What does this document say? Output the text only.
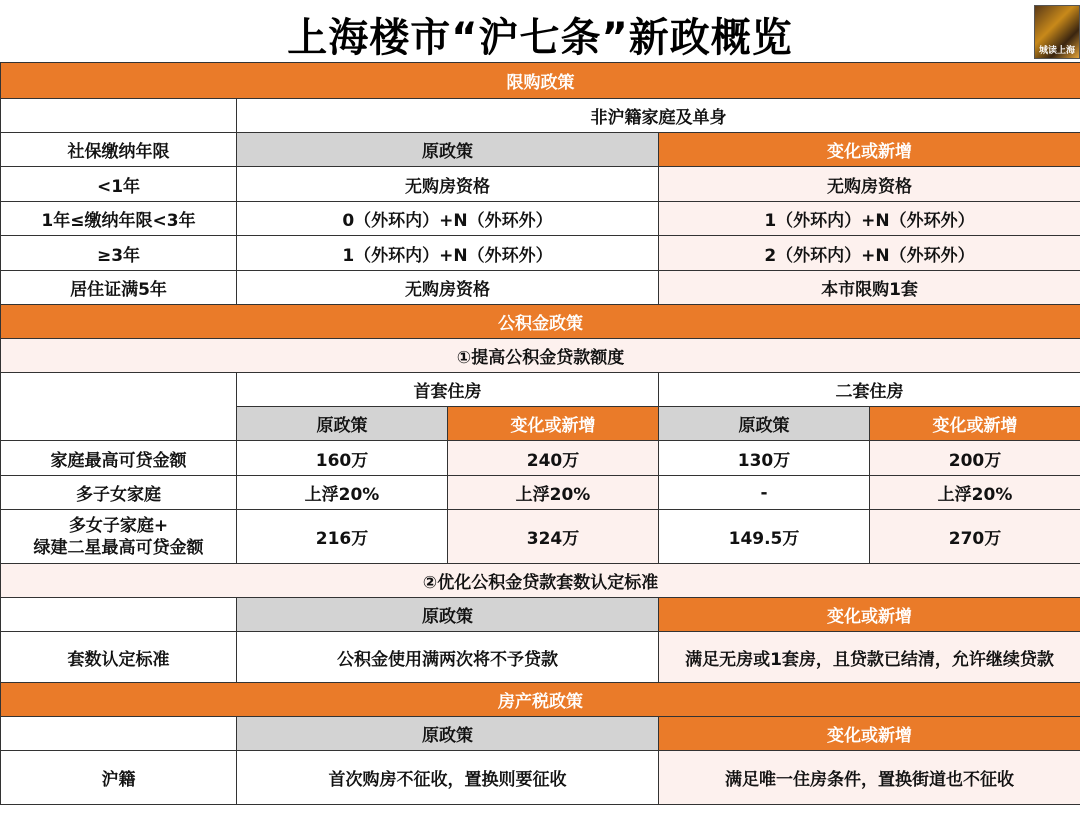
上海楼市“沪七条”新政概览	城读上海
限购政策				
	非沪籍家庭及单身			
社保缴纳年限	原政策		变化或新增	
<1年	无购房资格		无购房资格	
1年≤缴纳年限<3年	0（外环内）+N（外环外）		1（外环内）+N（外环外）	
≥3年	1（外环内）+N（外环外）		2（外环内）+N（外环外）	
居住证满5年	无购房资格		本市限购1套	
公积金政策				
①提高公积金贷款额度				
	首套住房		二套住房	
	原政策	变化或新增	原政策	变化或新增
家庭最高可贷金额	160万	240万	130万	200万
多子女家庭	上浮20%	上浮20%	-	上浮20%
多女子家庭+
绿建二星最高可贷金额	216万	324万	149.5万	270万
②优化公积金贷款套数认定标准				
	原政策		变化或新增	
套数认定标准	公积金使用满两次将不予贷款		满足无房或1套房，且贷款已结清，允许继续贷款	
房产税政策				
	原政策		变化或新增	
沪籍	首次购房不征收，置换则要征收		满足唯一住房条件，置换街道也不征收	
